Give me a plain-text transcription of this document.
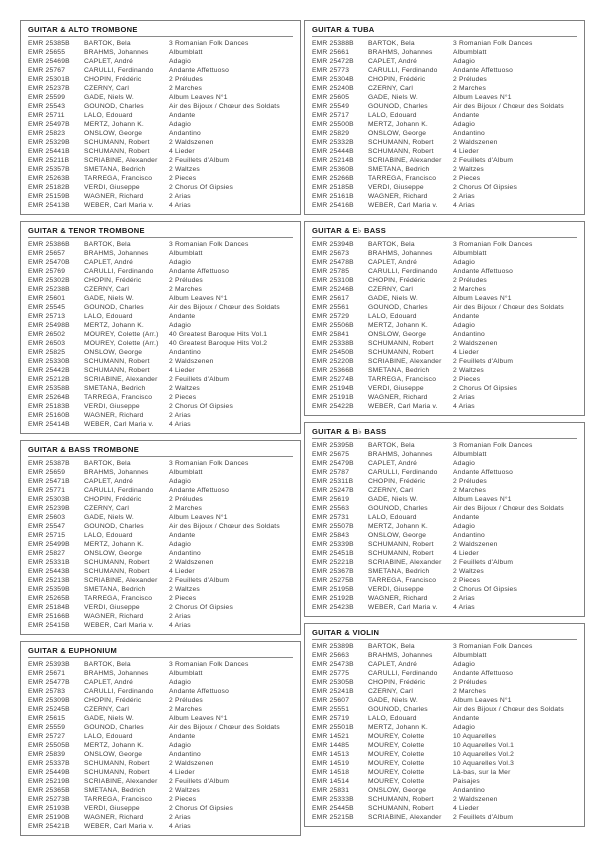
GUITAR & ALTO TROMBONE
EMR 25385B	BARTOK, Bela	3 Romanian Folk Dances
EMR 25655	BRAHMS, Johannes	Albumblatt
EMR 25469B	CAPLET, André	Adagio
EMR 25767	CARULLI, Ferdinando	Andante Affettuoso
EMR 25301B	CHOPIN, Frédéric	2 Préludes
EMR 25237B	CZERNY, Carl	2 Marches
EMR 25599	GADE, Niels W.	Album Leaves N°1
EMR 25543	GOUNOD, Charles	Air des Bijoux / Chœur des Soldats
EMR 25711	LALO, Edouard	Andante
EMR 25497B	MERTZ, Johann K.	Adagio
EMR 25823	ONSLOW, George	Andantino
EMR 25329B	SCHUMANN, Robert	2 Waldszenen
EMR 25441B	SCHUMANN, Robert	4 Lieder
EMR 25211B	SCRIABINE, Alexander	2 Feuillets d'Album
EMR 25357B	SMETANA, Bedrich	2 Waltzes
EMR 25263B	TARREGA, Francisco	2 Pieces
EMR 25182B	VERDI, Giuseppe	2 Chorus Of Gipsies
EMR 25159B	WAGNER, Richard	2 Arias
EMR 25413B	WEBER, Carl Maria v.	4 Arias
GUITAR & TENOR TROMBONE
EMR 25386B	BARTOK, Bela	3 Romanian Folk Dances
EMR 25657	BRAHMS, Johannes	Albumblatt
EMR 25470B	CAPLET, André	Adagio
EMR 25769	CARULLI, Ferdinando	Andante Affettuoso
EMR 25302B	CHOPIN, Frédéric	2 Préludes
EMR 25238B	CZERNY, Carl	2 Marches
EMR 25601	GADE, Niels W.	Album Leaves N°1
EMR 25545	GOUNOD, Charles	Air des Bijoux / Chœur des Soldats
EMR 25713	LALO, Edouard	Andante
EMR 25498B	MERTZ, Johann K.	Adagio
EMR 26502	MOUREY, Colette (Arr.)	40 Greatest Baroque Hits Vol.1
EMR 26503	MOUREY, Colette (Arr.)	40 Greatest Baroque Hits Vol.2
EMR 25825	ONSLOW, George	Andantino
EMR 25330B	SCHUMANN, Robert	2 Waldszenen
EMR 25442B	SCHUMANN, Robert	4 Lieder
EMR 25212B	SCRIABINE, Alexander	2 Feuillets d'Album
EMR 25358B	SMETANA, Bedrich	2 Waltzes
EMR 25264B	TARREGA, Francisco	2 Pieces
EMR 25183B	VERDI, Giuseppe	2 Chorus Of Gipsies
EMR 25160B	WAGNER, Richard	2 Arias
EMR 25414B	WEBER, Carl Maria v.	4 Arias
GUITAR & BASS TROMBONE
EMR 25387B	BARTOK, Bela	3 Romanian Folk Dances
EMR 25659	BRAHMS, Johannes	Albumblatt
EMR 25471B	CAPLET, André	Adagio
EMR 25771	CARULLI, Ferdinando	Andante Affettuoso
EMR 25303B	CHOPIN, Frédéric	2 Préludes
EMR 25239B	CZERNY, Carl	2 Marches
EMR 25603	GADE, Niels W.	Album Leaves N°1
EMR 25547	GOUNOD, Charles	Air des Bijoux / Chœur des Soldats
EMR 25715	LALO, Edouard	Andante
EMR 25499B	MERTZ, Johann K.	Adagio
EMR 25827	ONSLOW, George	Andantino
EMR 25331B	SCHUMANN, Robert	2 Waldszenen
EMR 25443B	SCHUMANN, Robert	4 Lieder
EMR 25213B	SCRIABINE, Alexander	2 Feuillets d'Album
EMR 25359B	SMETANA, Bedrich	2 Waltzes
EMR 25265B	TARREGA, Francisco	2 Pieces
EMR 25184B	VERDI, Giuseppe	2 Chorus Of Gipsies
EMR 25166B	WAGNER, Richard	2 Arias
EMR 25415B	WEBER, Carl Maria v.	4 Arias
GUITAR & EUPHONIUM
EMR 25393B	BARTOK, Bela	3 Romanian Folk Dances
EMR 25671	BRAHMS, Johannes	Albumblatt
EMR 25477B	CAPLET, André	Adagio
EMR 25783	CARULLI, Ferdinando	Andante Affettuoso
EMR 25309B	CHOPIN, Frédéric	2 Préludes
EMR 25245B	CZERNY, Carl	2 Marches
EMR 25615	GADE, Niels W.	Album Leaves N°1
EMR 25559	GOUNOD, Charles	Air des Bijoux / Chœur des Soldats
EMR 25727	LALO, Edouard	Andante
EMR 25505B	MERTZ, Johann K.	Adagio
EMR 25839	ONSLOW, George	Andantino
EMR 25337B	SCHUMANN, Robert	2 Waldszenen
EMR 25449B	SCHUMANN, Robert	4 Lieder
EMR 25219B	SCRIABINE, Alexander	2 Feuillets d'Album
EMR 25365B	SMETANA, Bedrich	2 Waltzes
EMR 25273B	TARREGA, Francisco	2 Pieces
EMR 25193B	VERDI, Giuseppe	2 Chorus Of Gipsies
EMR 25190B	WAGNER, Richard	2 Arias
EMR 25421B	WEBER, Carl Maria v.	4 Arias
GUITAR & TUBA
EMR 25388B	BARTOK, Bela	3 Romanian Folk Dances
EMR 25661	BRAHMS, Johannes	Albumblatt
EMR 25472B	CAPLET, André	Adagio
EMR 25773	CARULLI, Ferdinando	Andante Affettuoso
EMR 25304B	CHOPIN, Frédéric	2 Préludes
EMR 25240B	CZERNY, Carl	2 Marches
EMR 25605	GADE, Niels W.	Album Leaves N°1
EMR 25549	GOUNOD, Charles	Air des Bijoux / Chœur des Soldats
EMR 25717	LALO, Edouard	Andante
EMR 25500B	MERTZ, Johann K.	Adagio
EMR 25829	ONSLOW, George	Andantino
EMR 25332B	SCHUMANN, Robert	2 Waldszenen
EMR 25444B	SCHUMANN, Robert	4 Lieder
EMR 25214B	SCRIABINE, Alexander	2 Feuillets d'Album
EMR 25360B	SMETANA, Bedrich	2 Waltzes
EMR 25266B	TARREGA, Francisco	2 Pieces
EMR 25185B	VERDI, Giuseppe	2 Chorus Of Gipsies
EMR 25161B	WAGNER, Richard	2 Arias
EMR 25416B	WEBER, Carl Maria v.	4 Arias
GUITAR & E♭ BASS
EMR 25394B	BARTOK, Bela	3 Romanian Folk Dances
EMR 25673	BRAHMS, Johannes	Albumblatt
EMR 25478B	CAPLET, André	Adagio
EMR 25785	CARULLI, Ferdinando	Andante Affettuoso
EMR 25310B	CHOPIN, Frédéric	2 Préludes
EMR 25246B	CZERNY, Carl	2 Marches
EMR 25617	GADE, Niels W.	Album Leaves N°1
EMR 25561	GOUNOD, Charles	Air des Bijoux / Chœur des Soldats
EMR 25729	LALO, Edouard	Andante
EMR 25506B	MERTZ, Johann K.	Adagio
EMR 25841	ONSLOW, George	Andantino
EMR 25338B	SCHUMANN, Robert	2 Waldszenen
EMR 25450B	SCHUMANN, Robert	4 Lieder
EMR 25220B	SCRIABINE, Alexander	2 Feuillets d'Album
EMR 25366B	SMETANA, Bedrich	2 Waltzes
EMR 25274B	TARREGA, Francisco	2 Pieces
EMR 25194B	VERDI, Giuseppe	2 Chorus Of Gipsies
EMR 25191B	WAGNER, Richard	2 Arias
EMR 25422B	WEBER, Carl Maria v.	4 Arias
GUITAR & B♭ BASS
EMR 25395B	BARTOK, Bela	3 Romanian Folk Dances
EMR 25675	BRAHMS, Johannes	Albumblatt
EMR 25479B	CAPLET, André	Adagio
EMR 25787	CARULLI, Ferdinando	Andante Affettuoso
EMR 25311B	CHOPIN, Frédéric	2 Préludes
EMR 25247B	CZERNY, Carl	2 Marches
EMR 25619	GADE, Niels W.	Album Leaves N°1
EMR 25563	GOUNOD, Charles	Air des Bijoux / Chœur des Soldats
EMR 25731	LALO, Edouard	Andante
EMR 25507B	MERTZ, Johann K.	Adagio
EMR 25843	ONSLOW, George	Andantino
EMR 25339B	SCHUMANN, Robert	2 Waldszenen
EMR 25451B	SCHUMANN, Robert	4 Lieder
EMR 25221B	SCRIABINE, Alexander	2 Feuillets d'Album
EMR 25367B	SMETANA, Bedrich	2 Waltzes
EMR 25275B	TARREGA, Francisco	2 Pieces
EMR 25195B	VERDI, Giuseppe	2 Chorus Of Gipsies
EMR 25192B	WAGNER, Richard	2 Arias
EMR 25423B	WEBER, Carl Maria v.	4 Arias
GUITAR & VIOLIN
EMR 25389B	BARTOK, Bela	3 Romanian Folk Dances
EMR 25663	BRAHMS, Johannes	Albumblatt
EMR 25473B	CAPLET, André	Adagio
EMR 25775	CARULLI, Ferdinando	Andante Affettuoso
EMR 25305B	CHOPIN, Frédéric	2 Préludes
EMR 25241B	CZERNY, Carl	2 Marches
EMR 25607	GADE, Niels W.	Album Leaves N°1
EMR 25551	GOUNOD, Charles	Air des Bijoux / Chœur des Soldats
EMR 25719	LALO, Edouard	Andante
EMR 25501B	MERTZ, Johann K.	Adagio
EMR 14521	MOUREY, Colette	10 Aquarelles
EMR 14485	MOUREY, Colette	10 Aquarelles Vol.1
EMR 14513	MOUREY, Colette	10 Aquarelles Vol.2
EMR 14519	MOUREY, Colette	10 Aquarelles Vol.3
EMR 14518	MOUREY, Colette	Là-bas, sur la Mer
EMR 14514	MOUREY, Colette	Paisajes
EMR 25831	ONSLOW, George	Andantino
EMR 25333B	SCHUMANN, Robert	2 Waldszenen
EMR 25445B	SCHUMANN, Robert	4 Lieder
EMR 25215B	SCRIABINE, Alexander	2 Feuillets d'Album
